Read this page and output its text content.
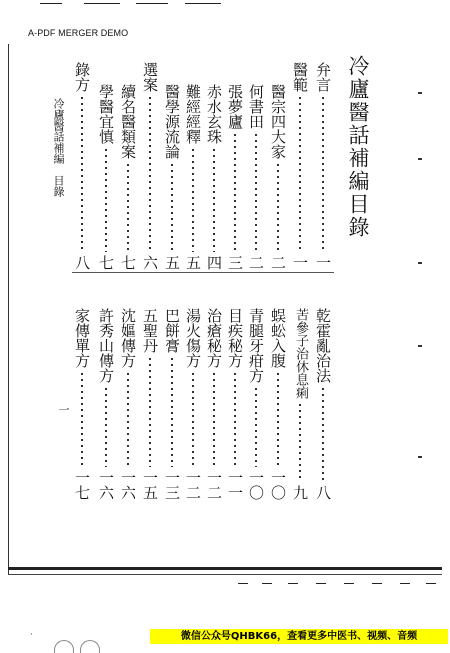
A-PDF MERGER DEMO
冷廬醫話補編目錄
弁言
一
醫範
一
醫宗四大家
二
何書田
二
張夢廬
三
赤水玄珠
四
難經經釋
五
醫學源流論
五
選案
六
續名醫類案
七
學醫宜慎
七
錄方
八
冷廬醫話補編　目錄
乾霍亂治法
八
苦參子治休息痢
九
蜈蚣入腹
一〇
青腿牙疳方
一〇
目疾秘方
一一
治瘡秘方
一二
湯火傷方
一二
巴餅膏
一三
五聖丹
一五
沈嫗傳方
一六
許秀山傳方
一六
家傳單方
一七
一
·	微信公众号QHBK66，查看更多中医书、视频、音频
